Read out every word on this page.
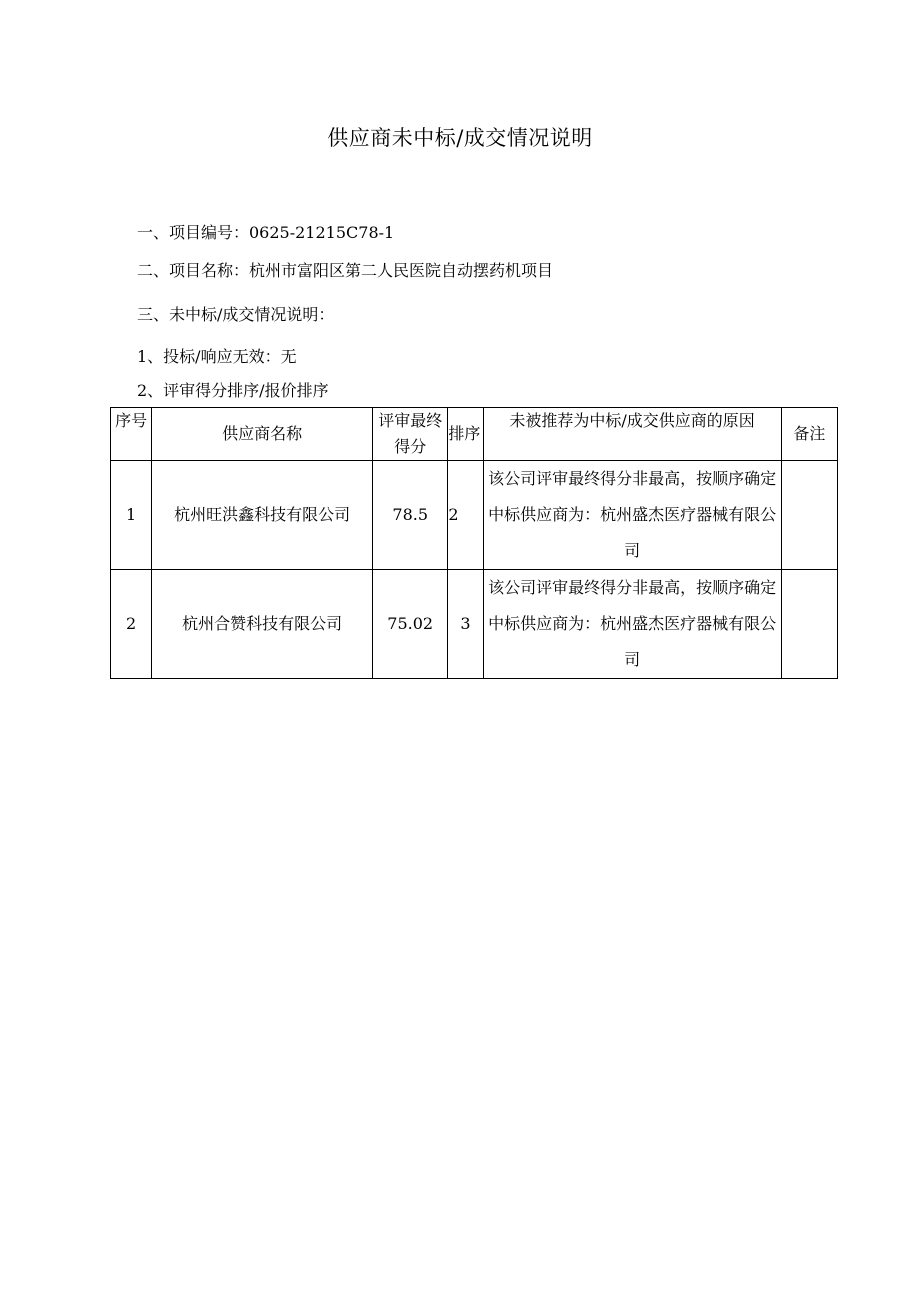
供应商未中标/成交情况说明
一、项目编号：0625-21215C78-1
二、项目名称：杭州市富阳区第二人民医院自动摆药机项目
三、未中标/成交情况说明：
1、投标/响应无效：无
2、评审得分排序/报价排序
序号	供应商名称	评审最终得分	排序	未被推荐为中标/成交供应商的原因	备注
1	杭州旺洪鑫科技有限公司	78.5	2	该公司评审最终得分非最高，按顺序确定中标供应商为：杭州盛杰医疗器械有限公司	
2	杭州合赞科技有限公司	75.02	3	该公司评审最终得分非最高，按顺序确定中标供应商为：杭州盛杰医疗器械有限公司	
